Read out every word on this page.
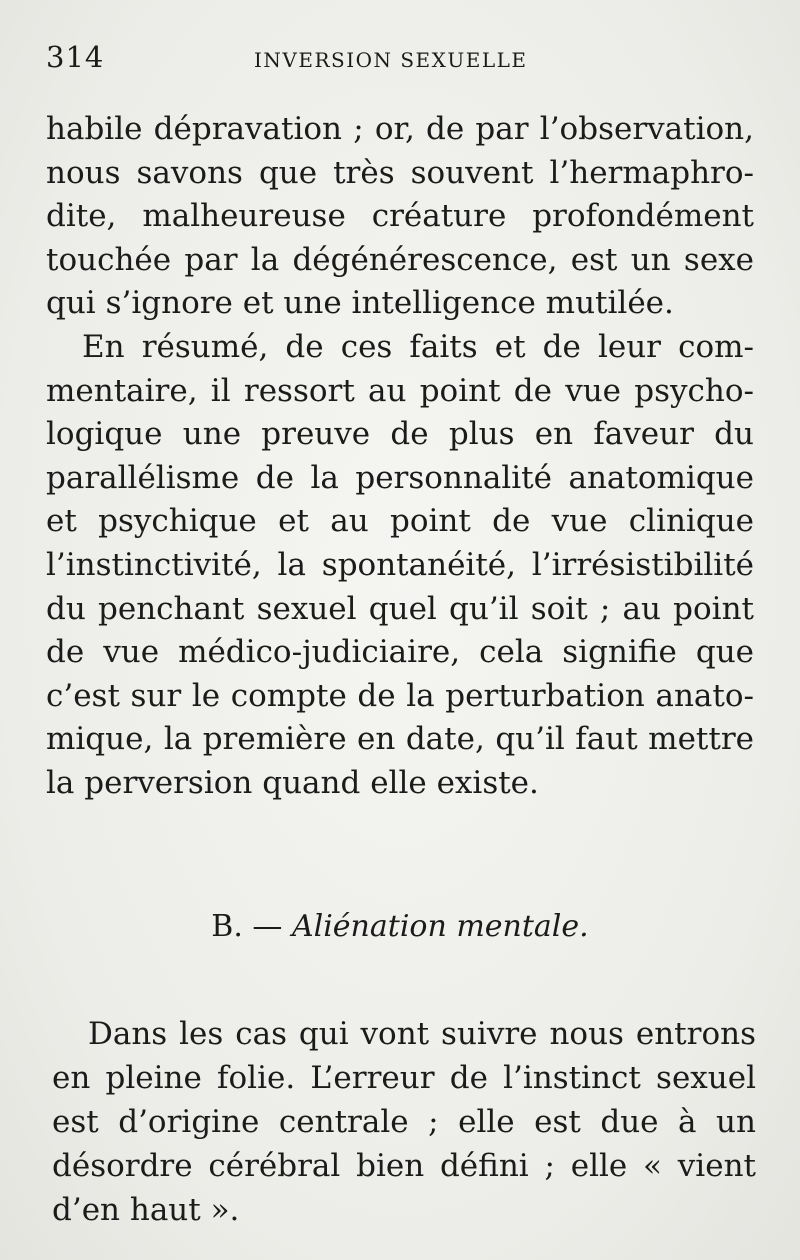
314	INVERSION SEXUELLE
habile dépravation ; or, de par l’observation,
nous savons que très souvent l’hermaphro-
dite, malheureuse créature profondément
touchée par la dégénérescence, est un sexe
qui s’ignore et une intelligence mutilée.
En résumé, de ces faits et de leur com-
mentaire, il ressort au point de vue psycho-
logique une preuve de plus en faveur du
parallélisme de la personnalité anatomique
et psychique et au point de vue clinique
l’instinctivité, la spontanéité, l’irrésistibilité
du penchant sexuel quel qu’il soit ; au point
de vue médico-judiciaire, cela signifie que
c’est sur le compte de la perturbation anato-
mique, la première en date, qu’il faut mettre
la perversion quand elle existe.
B. — Aliénation mentale.
Dans les cas qui vont suivre nous entrons
en pleine folie. L’erreur de l’instinct sexuel
est d’origine centrale ; elle est due à un
désordre cérébral bien défini ; elle « vient
d’en haut ».
